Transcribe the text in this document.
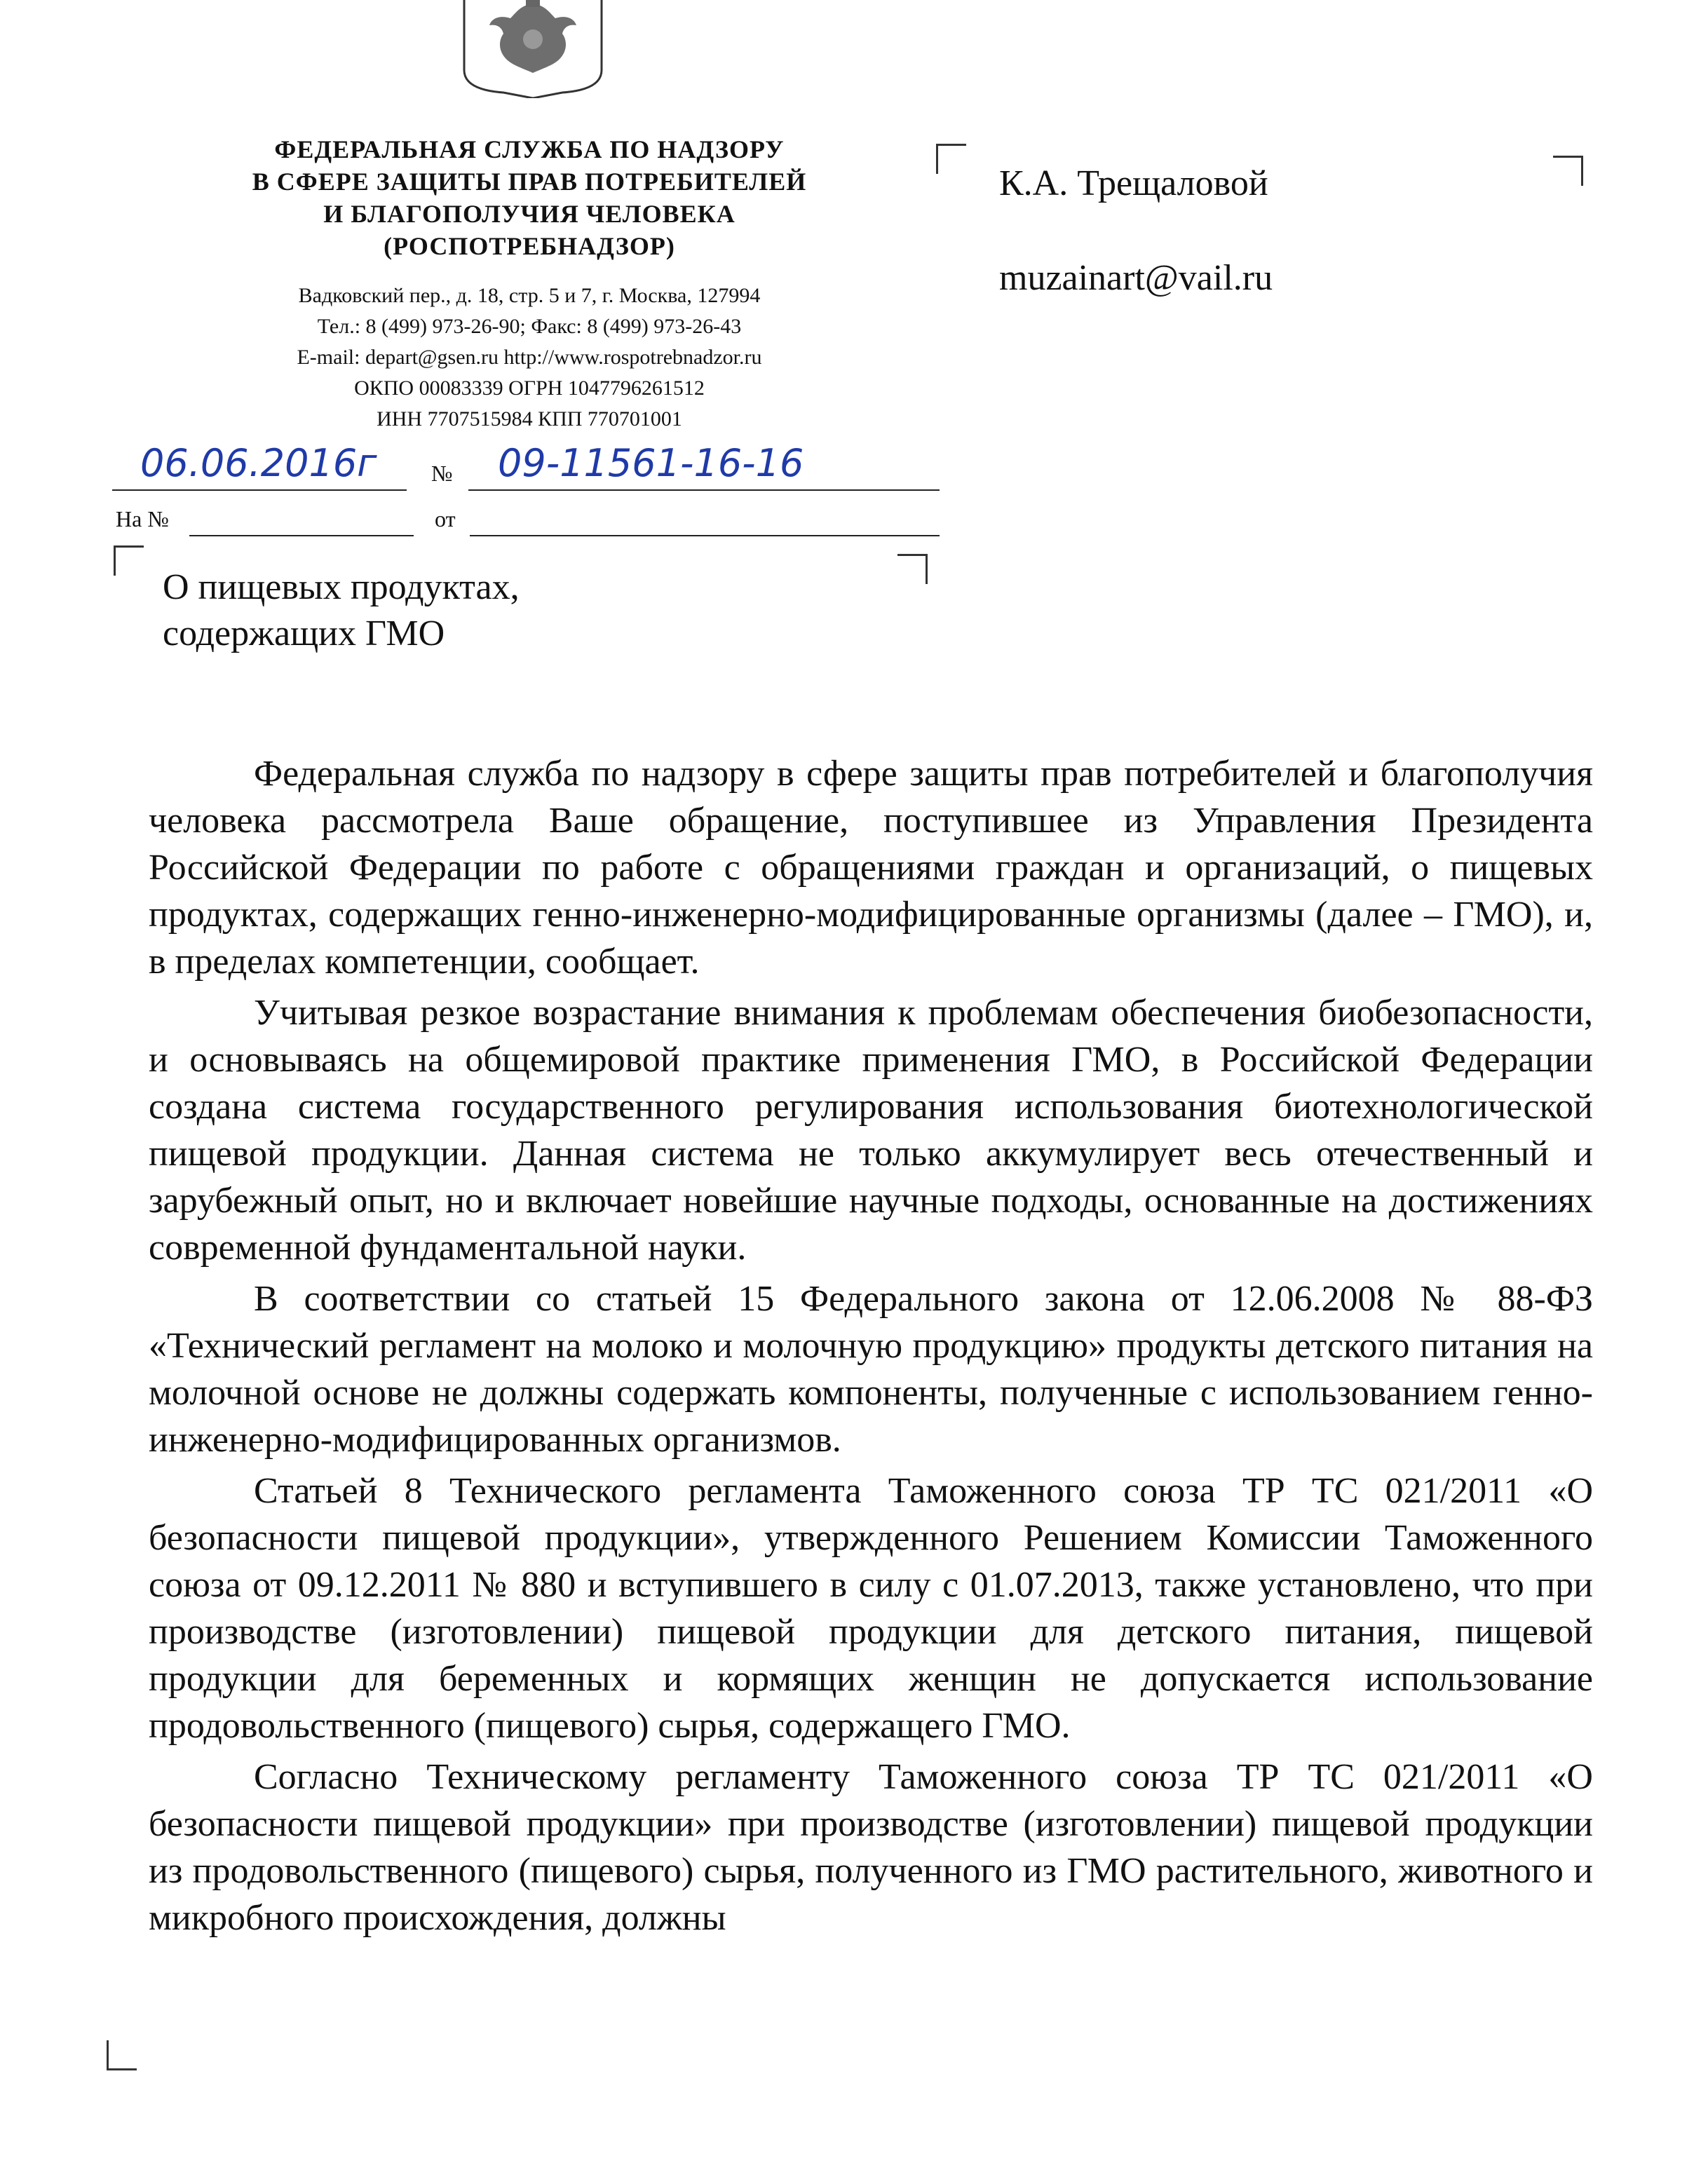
ФЕДЕРАЛЬНАЯ СЛУЖБА ПО НАДЗОРУ
В СФЕРЕ ЗАЩИТЫ ПРАВ ПОТРЕБИТЕЛЕЙ
И БЛАГОПОЛУЧИЯ ЧЕЛОВЕКА
(РОСПОТРЕБНАДЗОР)
Вадковский пер., д. 18, стр. 5 и 7, г. Москва, 127994
Тел.: 8 (499) 973-26-90; Факс: 8 (499) 973-26-43
E-mail: depart@gsen.ru http://www.rospotrebnadzor.ru
ОКПО 00083339 ОГРН 1047796261512
ИНН 7707515984 КПП 770701001
06.06.2016г № 09-11561-16-16
На №	от
О пищевых продуктах,
содержащих ГМО
К.А. Трещаловой
muzainart@vail.ru

Федеральная служба по надзору в сфере защиты прав потребителей и благополучия человека рассмотрела Ваше обращение, поступившее из Управления Президента Российской Федерации по работе с обращениями граждан и организаций, о пищевых продуктах, содержащих генно-инженерно-модифицированные организмы (далее – ГМО), и, в пределах компетенции, сообщает.

Учитывая резкое возрастание внимания к проблемам обеспечения биобезопасности, и основываясь на общемировой практике применения ГМО, в Российской Федерации создана система государственного регулирования использования биотехнологической пищевой продукции. Данная система не только аккумулирует весь отечественный и зарубежный опыт, но и включает новейшие научные подходы, основанные на достижениях современной фундаментальной науки.

В соответствии со статьей 15 Федерального закона от 12.06.2008 № 88-ФЗ «Технический регламент на молоко и молочную продукцию» продукты детского питания на молочной основе не должны содержать компоненты, полученные с использованием генно-инженерно-модифицированных организмов.

Статьей 8 Технического регламента Таможенного союза ТР ТС 021/2011 «О безопасности пищевой продукции», утвержденного Решением Комиссии Таможенного союза от 09.12.2011 № 880 и вступившего в силу с 01.07.2013, также установлено, что при производстве (изготовлении) пищевой продукции для детского питания, пищевой продукции для беременных и кормящих женщин не допускается использование продовольственного (пищевого) сырья, содержащего ГМО.

Согласно Техническому регламенту Таможенного союза ТР ТС 021/2011 «О безопасности пищевой продукции» при производстве (изготовлении) пищевой продукции из продовольственного (пищевого) сырья, полученного из ГМО растительного, животного и микробного происхождения, должны
